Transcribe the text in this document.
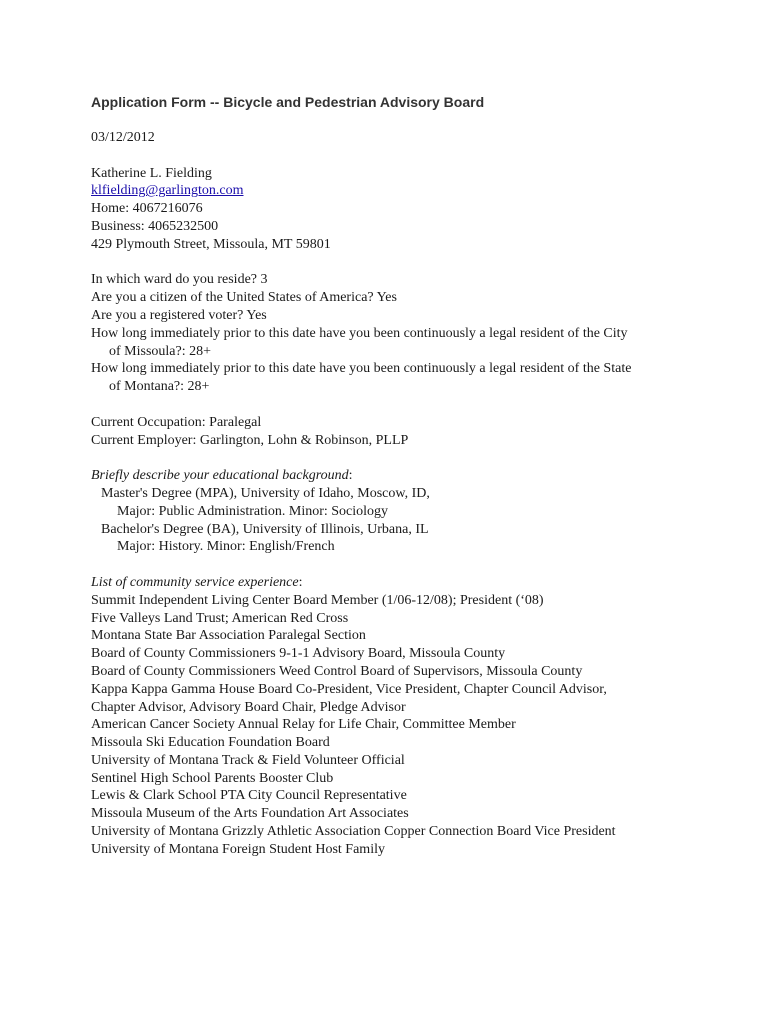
Application Form -- Bicycle and Pedestrian Advisory Board
03/12/2012
Katherine L. Fielding
klfielding@garlington.com
Home: 4067216076
Business: 4065232500
429 Plymouth Street, Missoula, MT 59801
In which ward do you reside? 3
Are you a citizen of the United States of America? Yes
Are you a registered voter? Yes
How long immediately prior to this date have you been continuously a legal resident of the City
of Missoula?: 28+
How long immediately prior to this date have you been continuously a legal resident of the State
of Montana?: 28+
Current Occupation: Paralegal
Current Employer: Garlington, Lohn & Robinson, PLLP
Briefly describe your educational background:
Master's Degree (MPA), University of Idaho, Moscow, ID,
Major: Public Administration. Minor: Sociology
Bachelor's Degree (BA), University of Illinois, Urbana, IL
Major: History. Minor: English/French
List of community service experience:
Summit Independent Living Center Board Member (1/06-12/08); President (‘08)
Five Valleys Land Trust; American Red Cross
Montana State Bar Association Paralegal Section
Board of County Commissioners 9-1-1 Advisory Board, Missoula County
Board of County Commissioners Weed Control Board of Supervisors, Missoula County
Kappa Kappa Gamma House Board Co-President, Vice President, Chapter Council Advisor,
Chapter Advisor, Advisory Board Chair, Pledge Advisor
American Cancer Society Annual Relay for Life Chair, Committee Member
Missoula Ski Education Foundation Board
University of Montana Track & Field Volunteer Official
Sentinel High School Parents Booster Club
Lewis & Clark School PTA City Council Representative
Missoula Museum of the Arts Foundation Art Associates
University of Montana Grizzly Athletic Association Copper Connection Board Vice President
University of Montana Foreign Student Host Family
